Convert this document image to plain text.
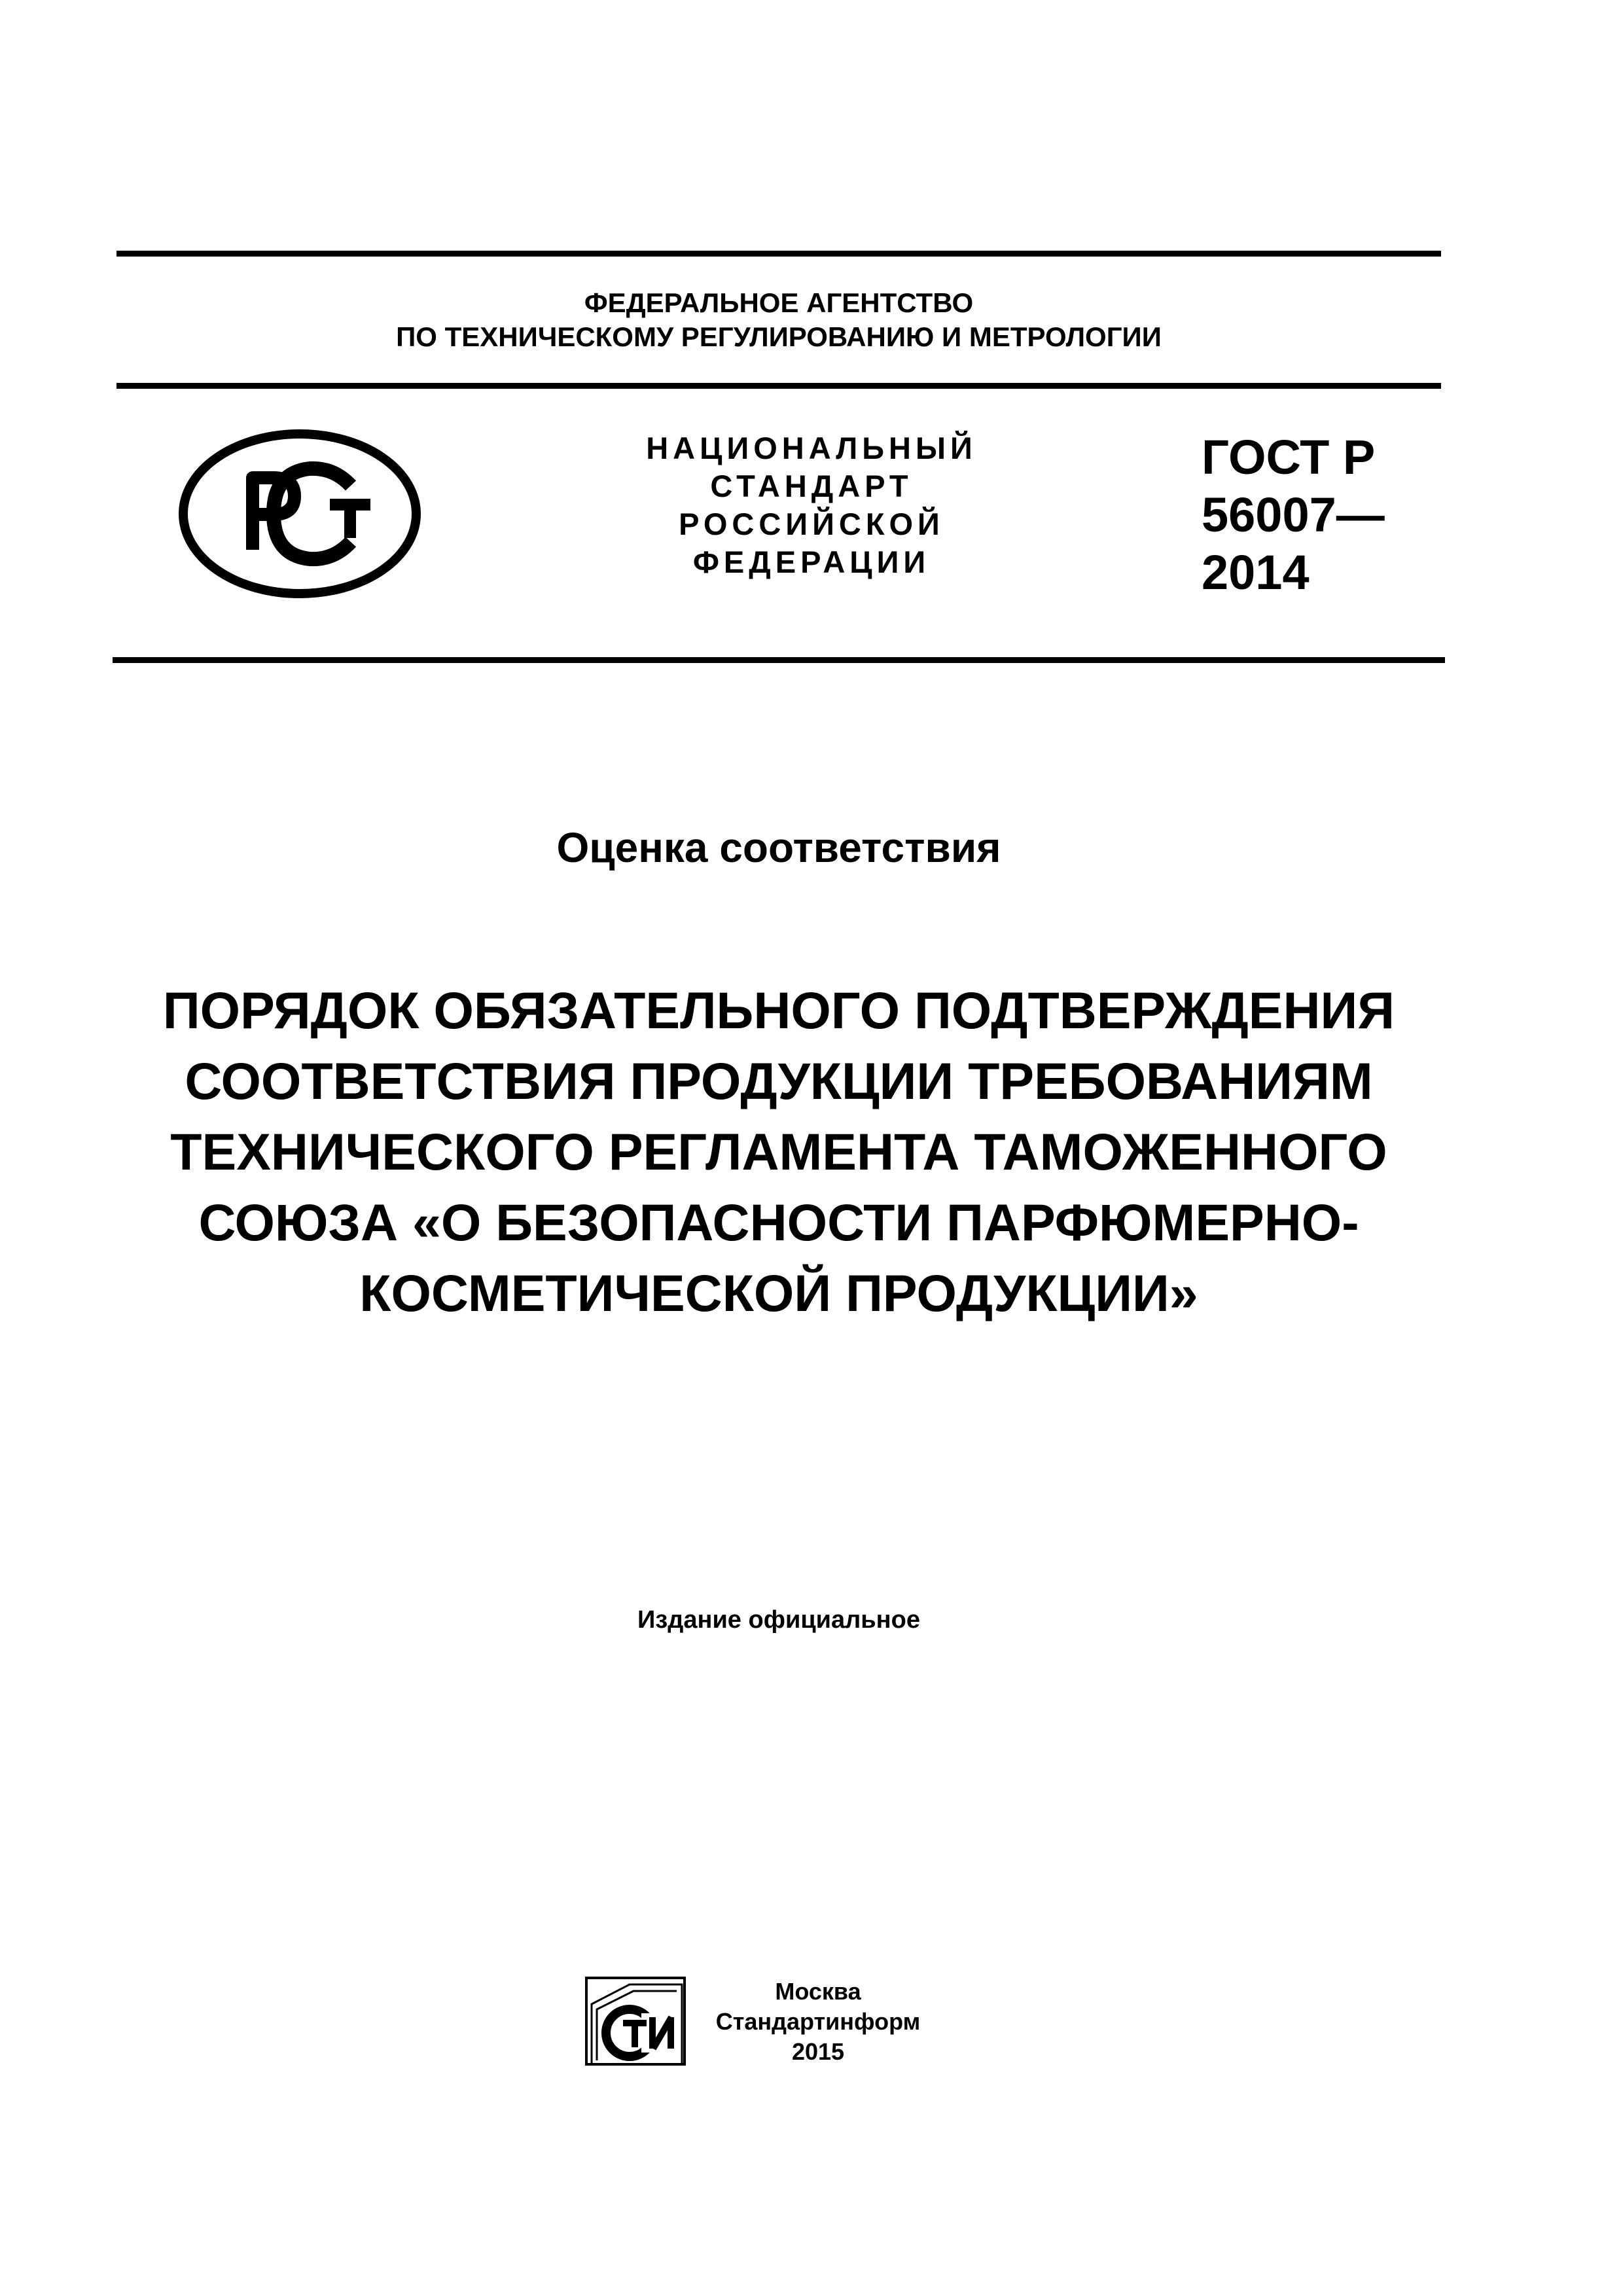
ФЕДЕРАЛЬНОЕ АГЕНТСТВО
ПО ТЕХНИЧЕСКОМУ РЕГУЛИРОВАНИЮ И МЕТРОЛОГИИ
НАЦИОНАЛЬНЫЙ
СТАНДАРТ
РОССИЙСКОЙ
ФЕДЕРАЦИИ
ГОСТ Р
56007—
2014
Оценка соответствия
ПОРЯДОК ОБЯЗАТЕЛЬНОГО ПОДТВЕРЖДЕНИЯ
СООТВЕТСТВИЯ ПРОДУКЦИИ ТРЕБОВАНИЯМ
ТЕХНИЧЕСКОГО РЕГЛАМЕНТА ТАМОЖЕННОГО
СОЮЗА «О БЕЗОПАСНОСТИ ПАРФЮМЕРНО-
КОСМЕТИЧЕСКОЙ ПРОДУКЦИИ»
Издание официальное
Москва
Стандартинформ
2015
